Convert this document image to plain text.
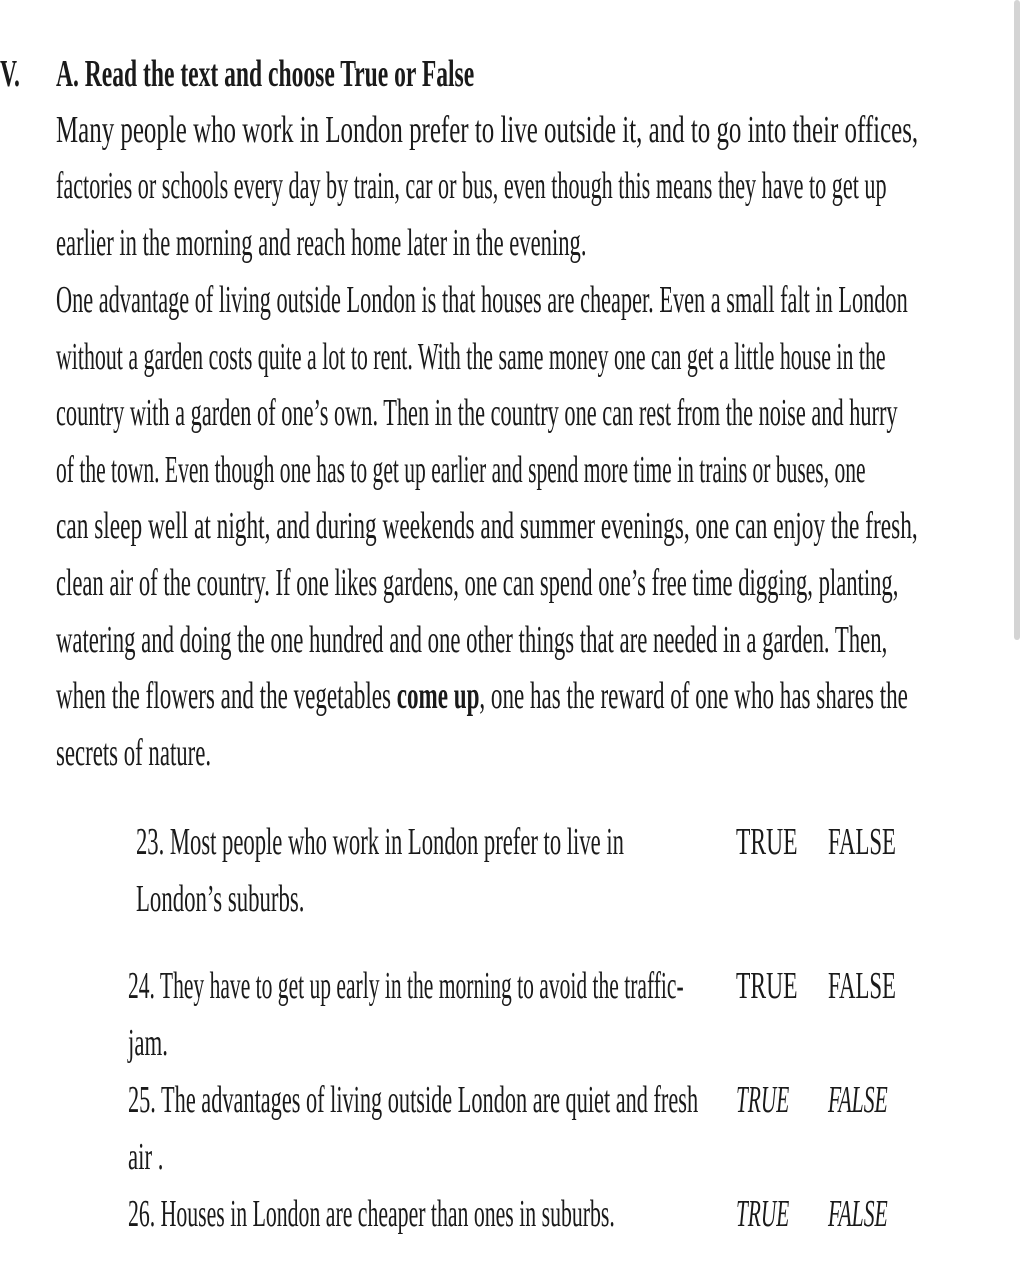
V. A. Read the text and choose True or False
Many people who work in London prefer to live outside it, and to go into their offices,
factories or schools every day by train, car or bus, even though this means they have to get up
earlier in the morning and reach home later in the evening.
One advantage of living outside London is that houses are cheaper. Even a small falt in London
without a garden costs quite a lot to rent. With the same money one can get a little house in the
country with a garden of one’s own. Then in the country one can rest from the noise and hurry
of the town. Even though one has to get up earlier and spend more time in trains or buses, one
can sleep well at night, and during weekends and summer evenings, one can enjoy the fresh,
clean air of the country. If one likes gardens, one can spend one’s free time digging, planting,
watering and doing the one hundred and one other things that are needed in a garden. Then,
when the flowers and the vegetables come up, one has the reward of one who has shares the
secrets of nature.
23. Most people who work in London prefer to live in
London’s suburbs.
TRUE FALSE
24. They have to get up early in the morning to avoid the traffic-
jam.
TRUE FALSE
25. The advantages of living outside London are quiet and fresh
air .
TRUE FALSE
26. Houses in London are cheaper than ones in suburbs.	TRUE FALSE
